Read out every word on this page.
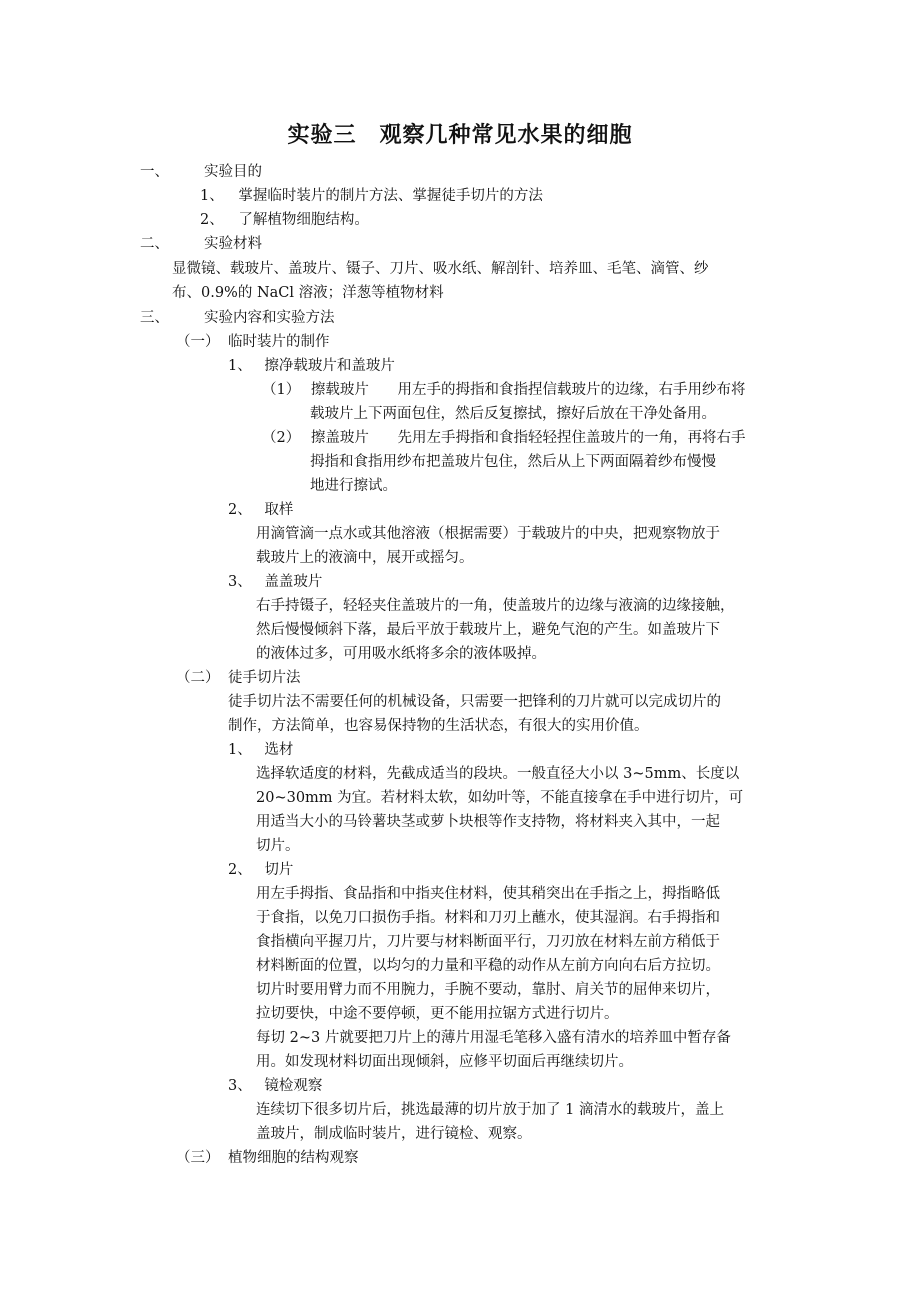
实验三　观察几种常见水果的细胞
一、 实验目的
1、 掌握临时装片的制片方法、掌握徒手切片的方法
2、 了解植物细胞结构。
二、 实验材料
显微镜、载玻片、盖玻片、镊子、刀片、吸水纸、解剖针、培养皿、毛笔、滴管、纱
布、0.9%的 NaCl 溶液；洋葱等植物材料
三、 实验内容和实验方法
（一） 临时装片的制作
1、 擦净载玻片和盖玻片
（1） 擦载玻片 用左手的拇指和食指捏信载玻片的边缘，右手用纱布将
载玻片上下两面包住，然后反复擦拭，擦好后放在干净处备用。
（2） 擦盖玻片 先用左手拇指和食指轻轻捏住盖玻片的一角，再将右手
拇指和食指用纱布把盖玻片包住，然后从上下两面隔着纱布慢慢
地进行擦试。
2、 取样
用滴管滴一点水或其他溶液（根据需要）于载玻片的中央，把观察物放于
载玻片上的液滴中，展开或摇匀。
3、 盖盖玻片
右手持镊子，轻轻夹住盖玻片的一角，使盖玻片的边缘与液滴的边缘接触，
然后慢慢倾斜下落，最后平放于载玻片上，避免气泡的产生。如盖玻片下
的液体过多，可用吸水纸将多余的液体吸掉。
（二） 徒手切片法
徒手切片法不需要任何的机械设备，只需要一把锋利的刀片就可以完成切片的
制作，方法简单，也容易保持物的生活状态，有很大的实用价值。
1、 选材
选择软适度的材料，先截成适当的段块。一般直径大小以 3~5mm、长度以
20~30mm 为宜。若材料太软，如幼叶等，不能直接拿在手中进行切片，可
用适当大小的马铃薯块茎或萝卜块根等作支持物，将材料夹入其中，一起
切片。
2、 切片
用左手拇指、食品指和中指夹住材料，使其稍突出在手指之上，拇指略低
于食指，以免刀口损伤手指。材料和刀刃上蘸水，使其湿润。右手拇指和
食指横向平握刀片，刀片要与材料断面平行，刀刃放在材料左前方稍低于
材料断面的位置，以均匀的力量和平稳的动作从左前方向向右后方拉切。
切片时要用臂力而不用腕力，手腕不要动，靠肘、肩关节的屈伸来切片，
拉切要快，中途不要停顿，更不能用拉锯方式进行切片。
每切 2~3 片就要把刀片上的薄片用湿毛笔移入盛有清水的培养皿中暂存备
用。如发现材料切面出现倾斜，应修平切面后再继续切片。
3、 镜检观察
连续切下很多切片后，挑选最薄的切片放于加了 1 滴清水的载玻片，盖上
盖玻片，制成临时装片，进行镜检、观察。
（三） 植物细胞的结构观察
